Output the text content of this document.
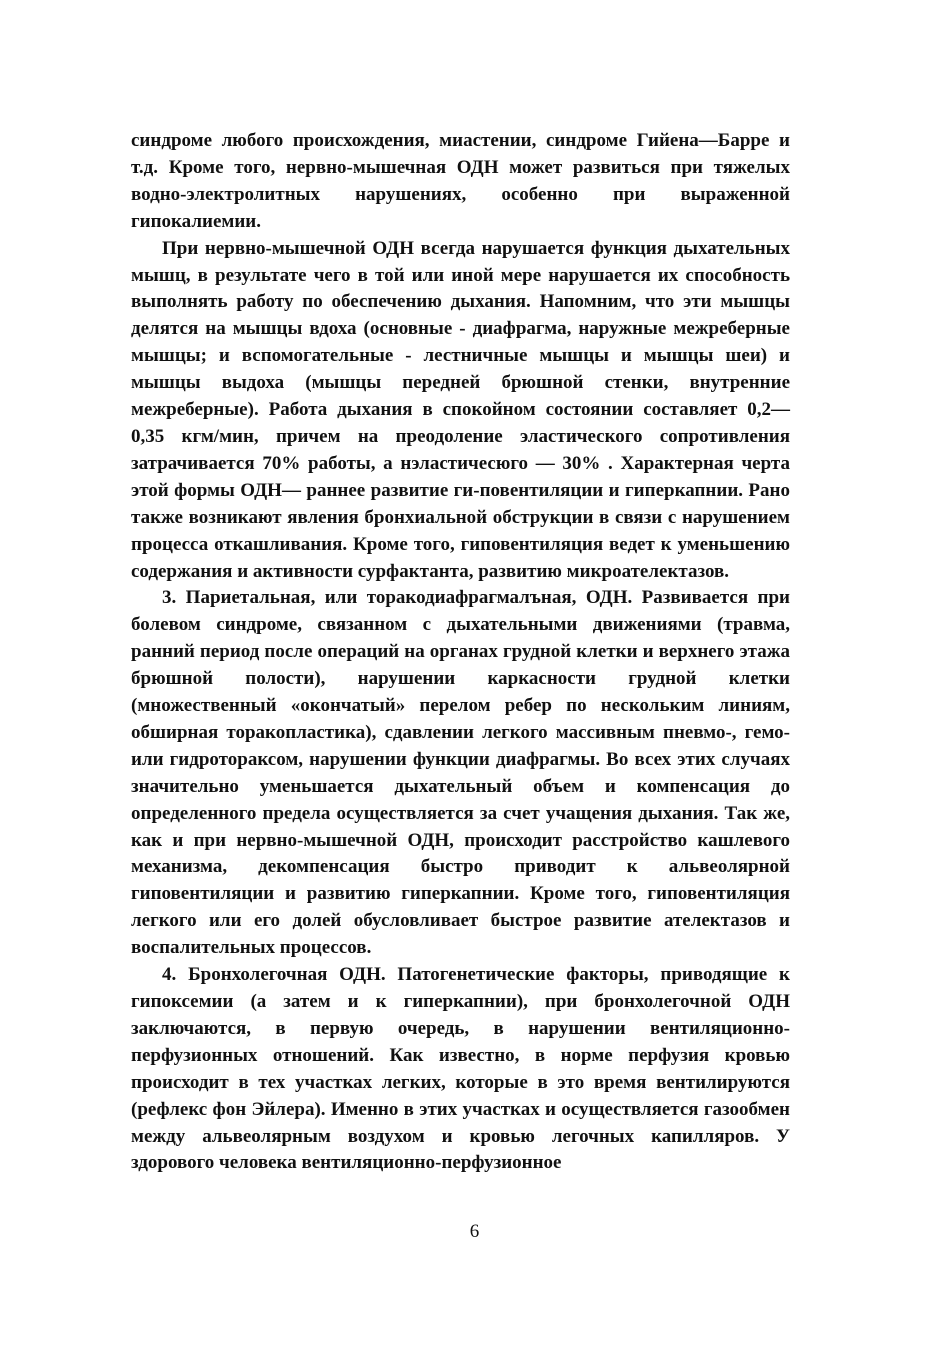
синдроме любого происхождения, миастении, синдроме Гийена—Барре и т.д. Кроме того, нервно-мышечная ОДН может развиться при тяжелых водно-электролитных нарушениях, особенно при выраженной гипокалиемии.

При нервно-мышечной ОДН всегда нарушается функция дыхательных мышц, в результате чего в той или иной мере нарушается их способность выполнять работу по обеспечению дыхания. Напомним, что эти мышцы делятся на мышцы вдоха (основные - диафрагма, наружные межреберные мышцы; и вспомогательные - лестничные мышцы и мышцы шеи) и мышцы выдоха (мышцы передней брюшной стенки, внутренние межреберные). Работа дыхания в спокойном состоянии составляет 0,2— 0,35 кгм/мин, причем на преодоление эластического сопротивления затрачивается 70% работы, а нэластичесюго — 30% . Характерная черта этой формы ОДН— раннее развитие ги-повентиляции и гиперкапнии. Рано также возникают явления бронхиальной обструкции в связи с нарушением процесса откашливания. Кроме того, гиповентиляция ведет к уменьшению содержания и активности сурфактанта, развитию микроателектазов.

3. Париетальная, или торакодиафрагмалъная, ОДН. Развивается при болевом синдроме, связанном с дыхательными движениями (травма, ранний период после операций на органах грудной клетки и верхнего этажа брюшной полости), нарушении каркасности грудной клетки (множественный «окончатый» перелом ребер по нескольким линиям, обширная торакопластика), сдавлении легкого массивным пневмо-, гемо- или гидротораксом, нарушении функции диафрагмы. Во всех этих случаях значительно уменьшается дыхательный объем и компенсация до определенного предела осуществляется за счет учащения дыхания. Так же, как и при нервно-мышечной ОДН, происходит расстройство кашлевого механизма, декомпенсация быстро приводит к альвеолярной гиповентиляции и развитию гиперкапнии. Кроме того, гиповентиляция легкого или его долей обусловливает быстрое развитие ателектазов и воспалительных процессов.

4. Бронхолегочная ОДН. Патогенетические факторы, приводящие к гипоксемии (а затем и к гиперкапнии), при бронхолегочной ОДН заключаются, в первую очередь, в нарушении вентиляционно-перфузионных отношений. Как известно, в норме перфузия кровью происходит в тех участках легких, которые в это время вентилируются (рефлекс фон Эйлера). Именно в этих участках и осуществляется газообмен между альвеолярным воздухом и кровью легочных капилляров. У здорового человека вентиляционно-перфузионное

6
